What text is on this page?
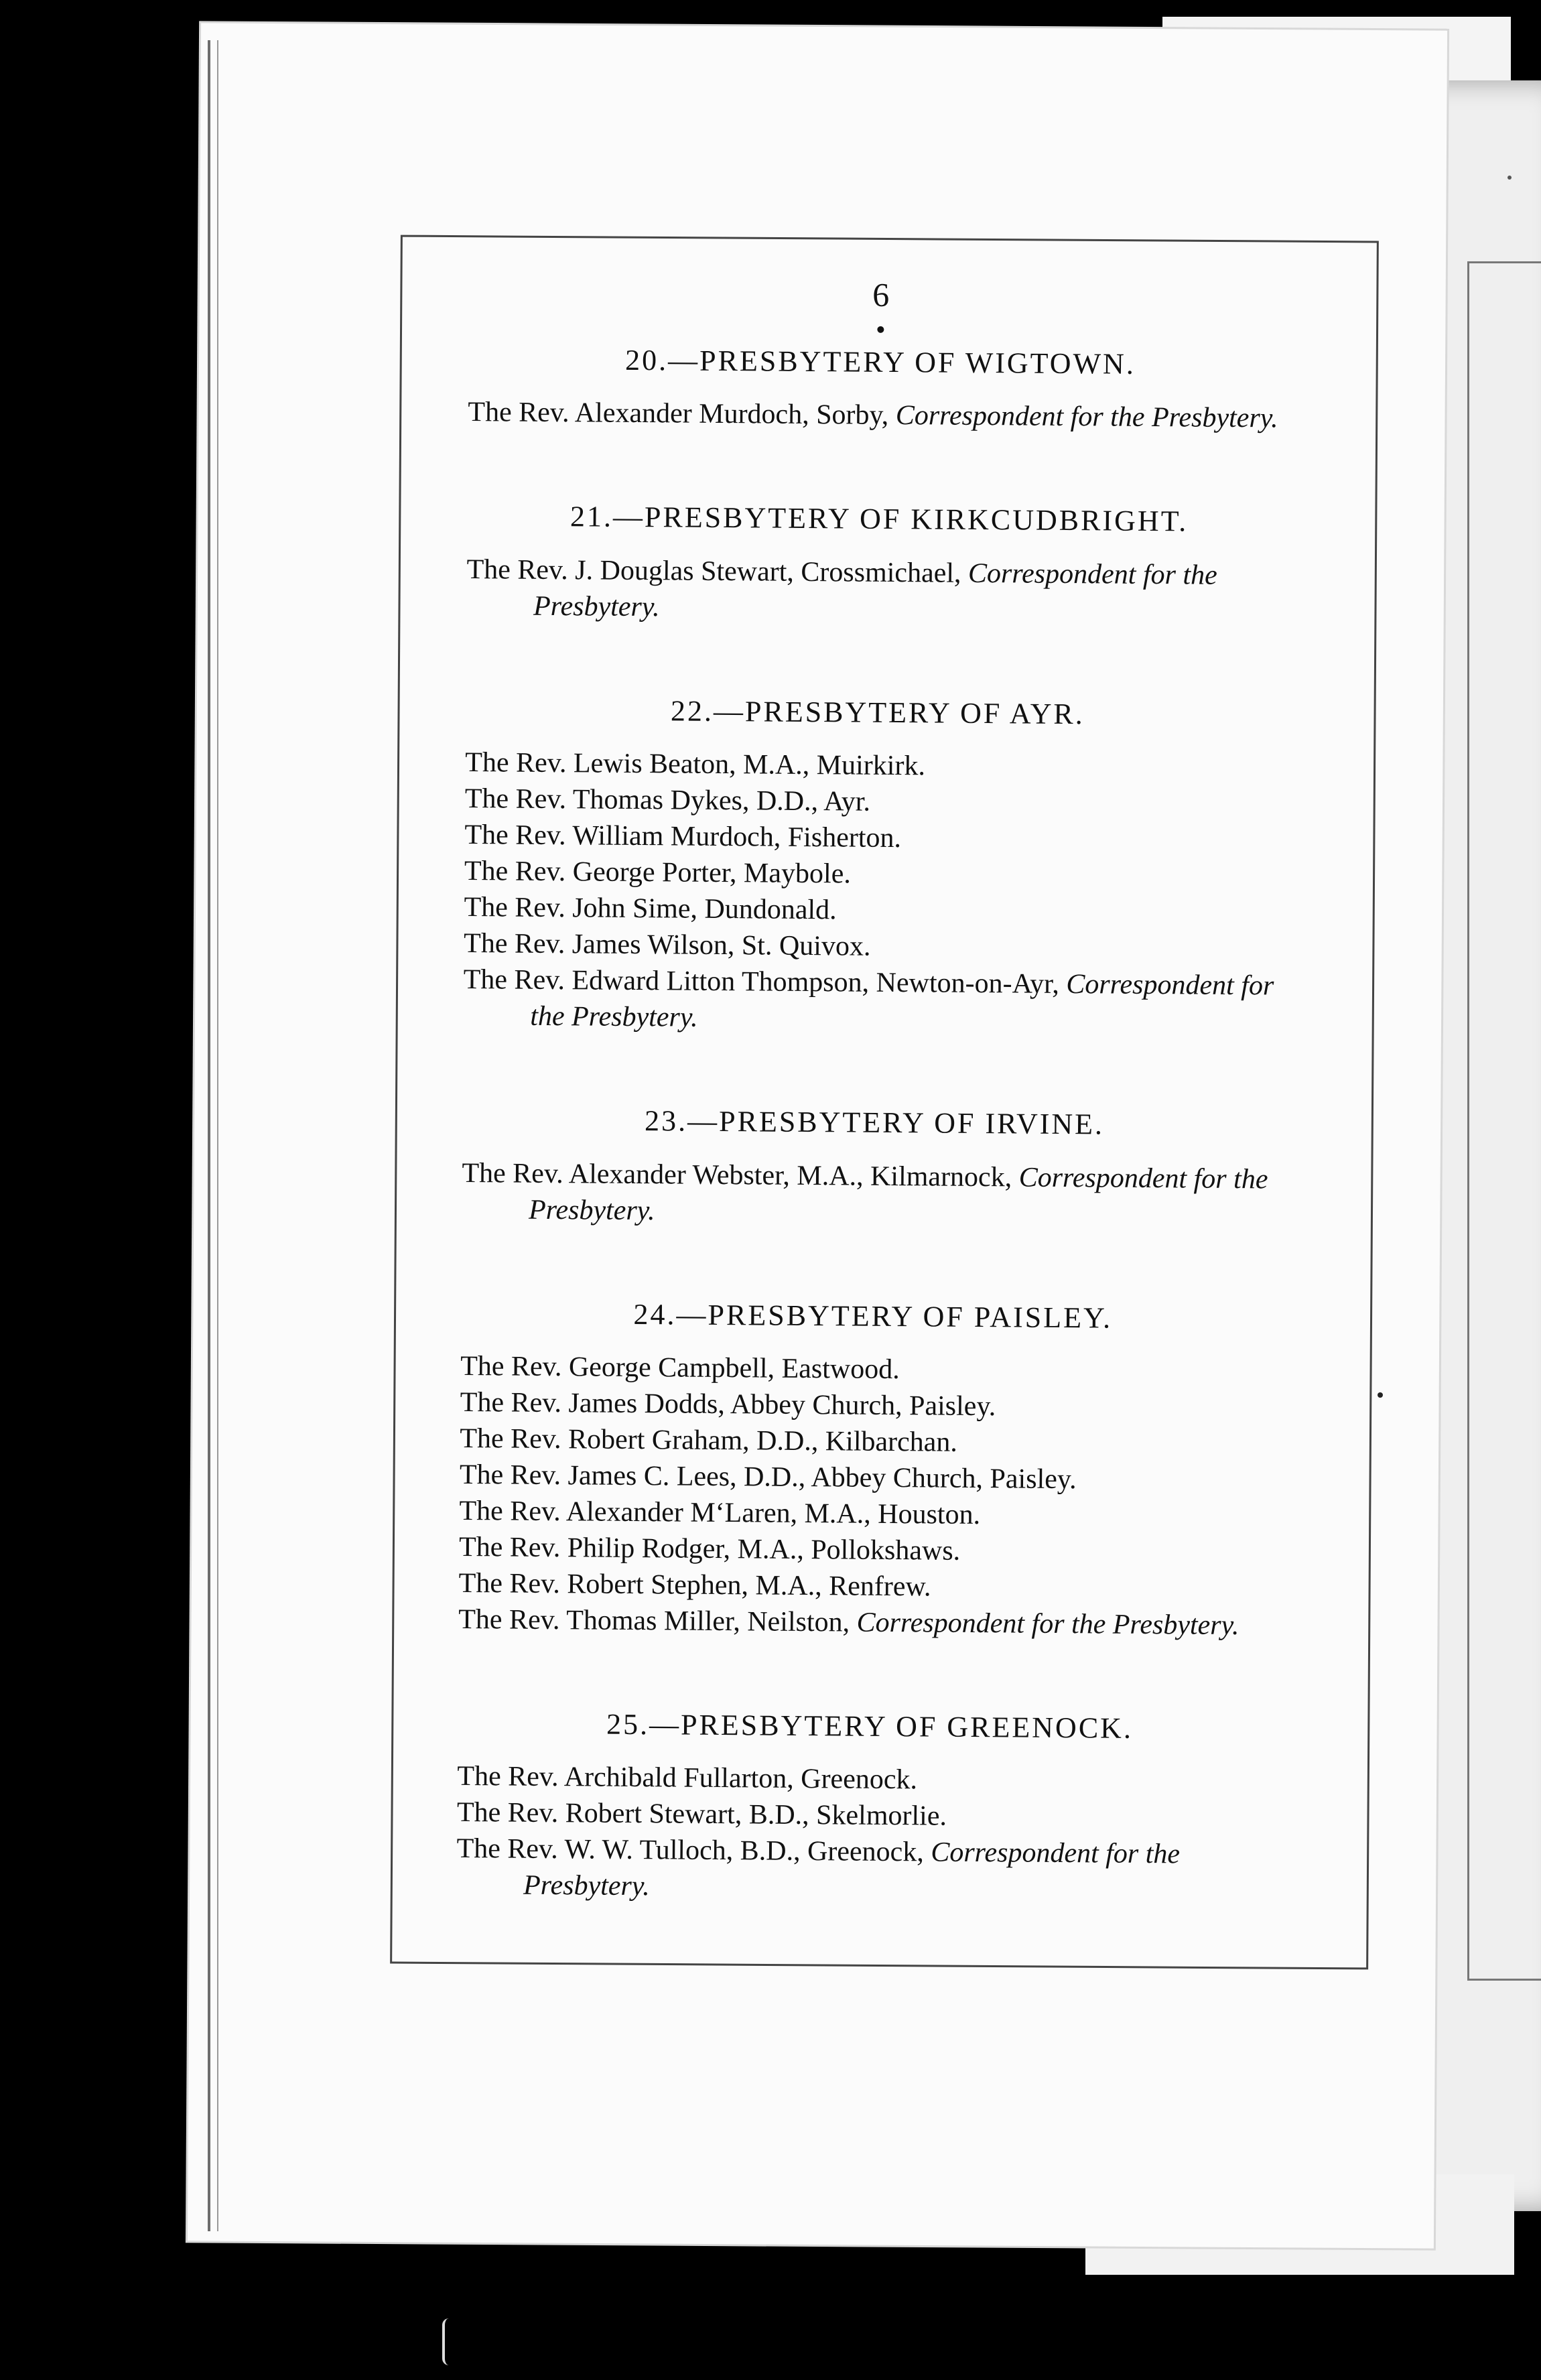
6
20.—PRESBYTERY OF WIGTOWN.

The Rev. Alexander Murdoch, Sorby, Correspondent for the Presbytery.

21.—PRESBYTERY OF KIRKCUDBRIGHT.

The Rev. J. Douglas Stewart, Crossmichael, Correspondent for the Presbytery.

22.—PRESBYTERY OF AYR.

The Rev. Lewis Beaton, M.A., Muirkirk.

The Rev. Thomas Dykes, D.D., Ayr.

The Rev. William Murdoch, Fisherton.

The Rev. George Porter, Maybole.

The Rev. John Sime, Dundonald.

The Rev. James Wilson, St. Quivox.

The Rev. Edward Litton Thompson, Newton-on-Ayr, Correspondent for the Presbytery.

23.—PRESBYTERY OF IRVINE.

The Rev. Alexander Webster, M.A., Kilmarnock, Correspondent for the Presbytery.

24.—PRESBYTERY OF PAISLEY.

The Rev. George Campbell, Eastwood.

The Rev. James Dodds, Abbey Church, Paisley.

The Rev. Robert Graham, D.D., Kilbarchan.

The Rev. James C. Lees, D.D., Abbey Church, Paisley.

The Rev. Alexander M‘Laren, M.A., Houston.

The Rev. Philip Rodger, M.A., Pollokshaws.

The Rev. Robert Stephen, M.A., Renfrew.

The Rev. Thomas Miller, Neilston, Correspondent for the Presbytery.

25.—PRESBYTERY OF GREENOCK.

The Rev. Archibald Fullarton, Greenock.

The Rev. Robert Stewart, B.D., Skelmorlie.

The Rev. W. W. Tulloch, B.D., Greenock, Correspondent for the Presbytery.
